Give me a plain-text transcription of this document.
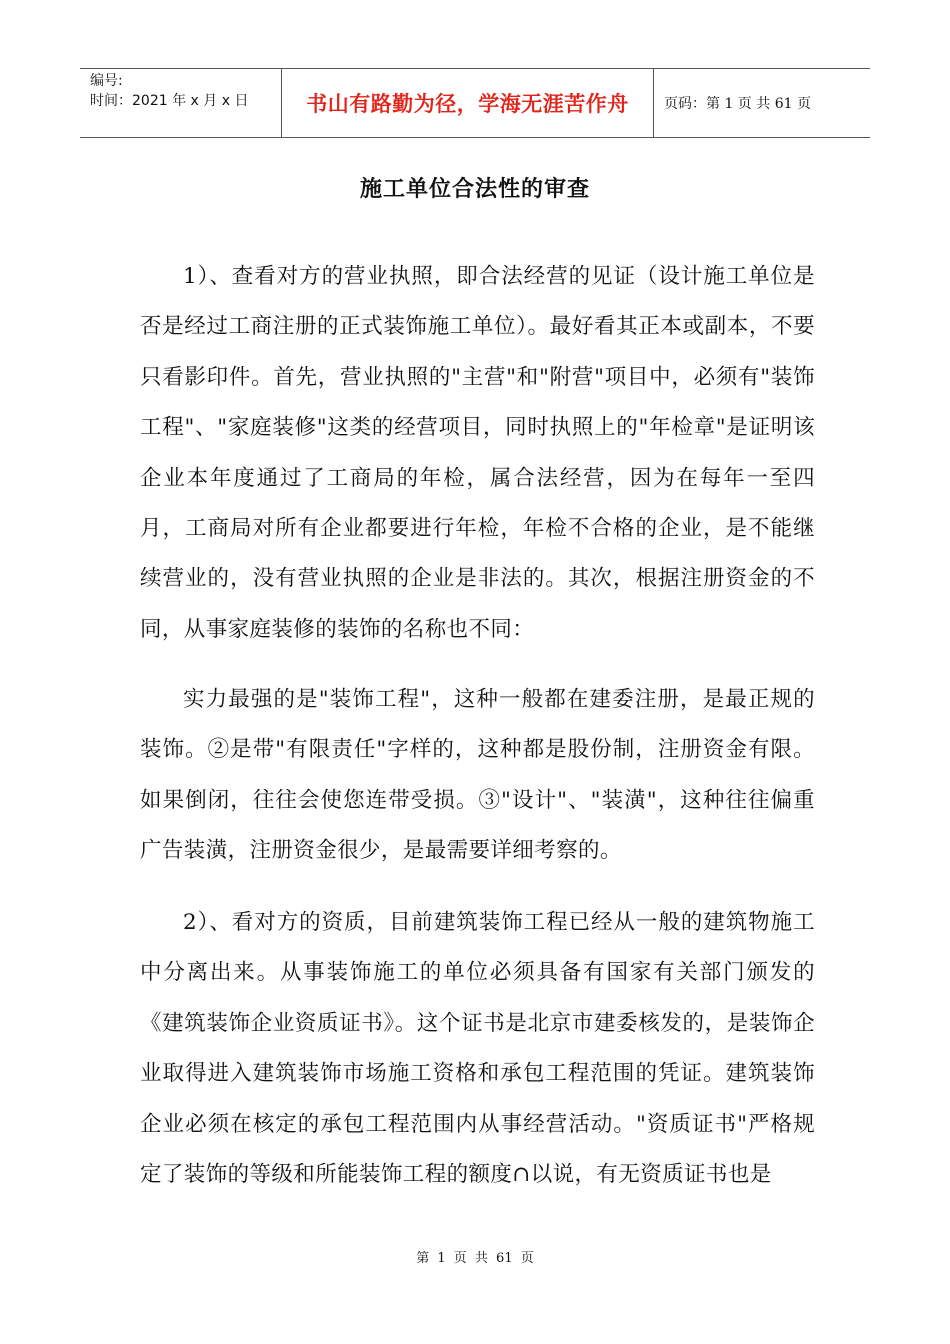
编号:
时间：2021 年 x 月 x 日	书山有路勤为径，学海无涯苦作舟	页码：第 1 页 共 61 页
施工单位合法性的审查

1）、查看对方的营业执照，即合法经营的见证（设计施工单位是否是经过工商注册的正式装饰施工单位）。最好看其正本或副本，不要只看影印件。首先，营业执照的"主营"和"附营"项目中，必须有"装饰工程"、"家庭装修"这类的经营项目，同时执照上的"年检章"是证明该企业本年度通过了工商局的年检，属合法经营，因为在每年一至四月，工商局对所有企业都要进行年检，年检不合格的企业，是不能继续营业的，没有营业执照的企业是非法的。其次，根据注册资金的不同，从事家庭装修的装饰的名称也不同：

实力最强的是"装饰工程"，这种一般都在建委注册，是最正规的装饰。②是带"有限责任"字样的，这种都是股份制，注册资金有限。如果倒闭，往往会使您连带受损。③"设计"、"装潢"，这种往往偏重广告装潢，注册资金很少，是最需要详细考察的。

2）、看对方的资质，目前建筑装饰工程已经从一般的建筑物施工中分离出来。从事装饰施工的单位必须具备有国家有关部门颁发的《建筑装饰企业资质证书》。这个证书是北京市建委核发的，是装饰企业取得进入建筑装饰市场施工资格和承包工程范围的凭证。建筑装饰企业必须在核定的承包工程范围内从事经营活动。"资质证书"严格规定了装饰的等级和所能装饰工程的额度∩以说，有无资质证书也是

第 1 页 共 61 页
